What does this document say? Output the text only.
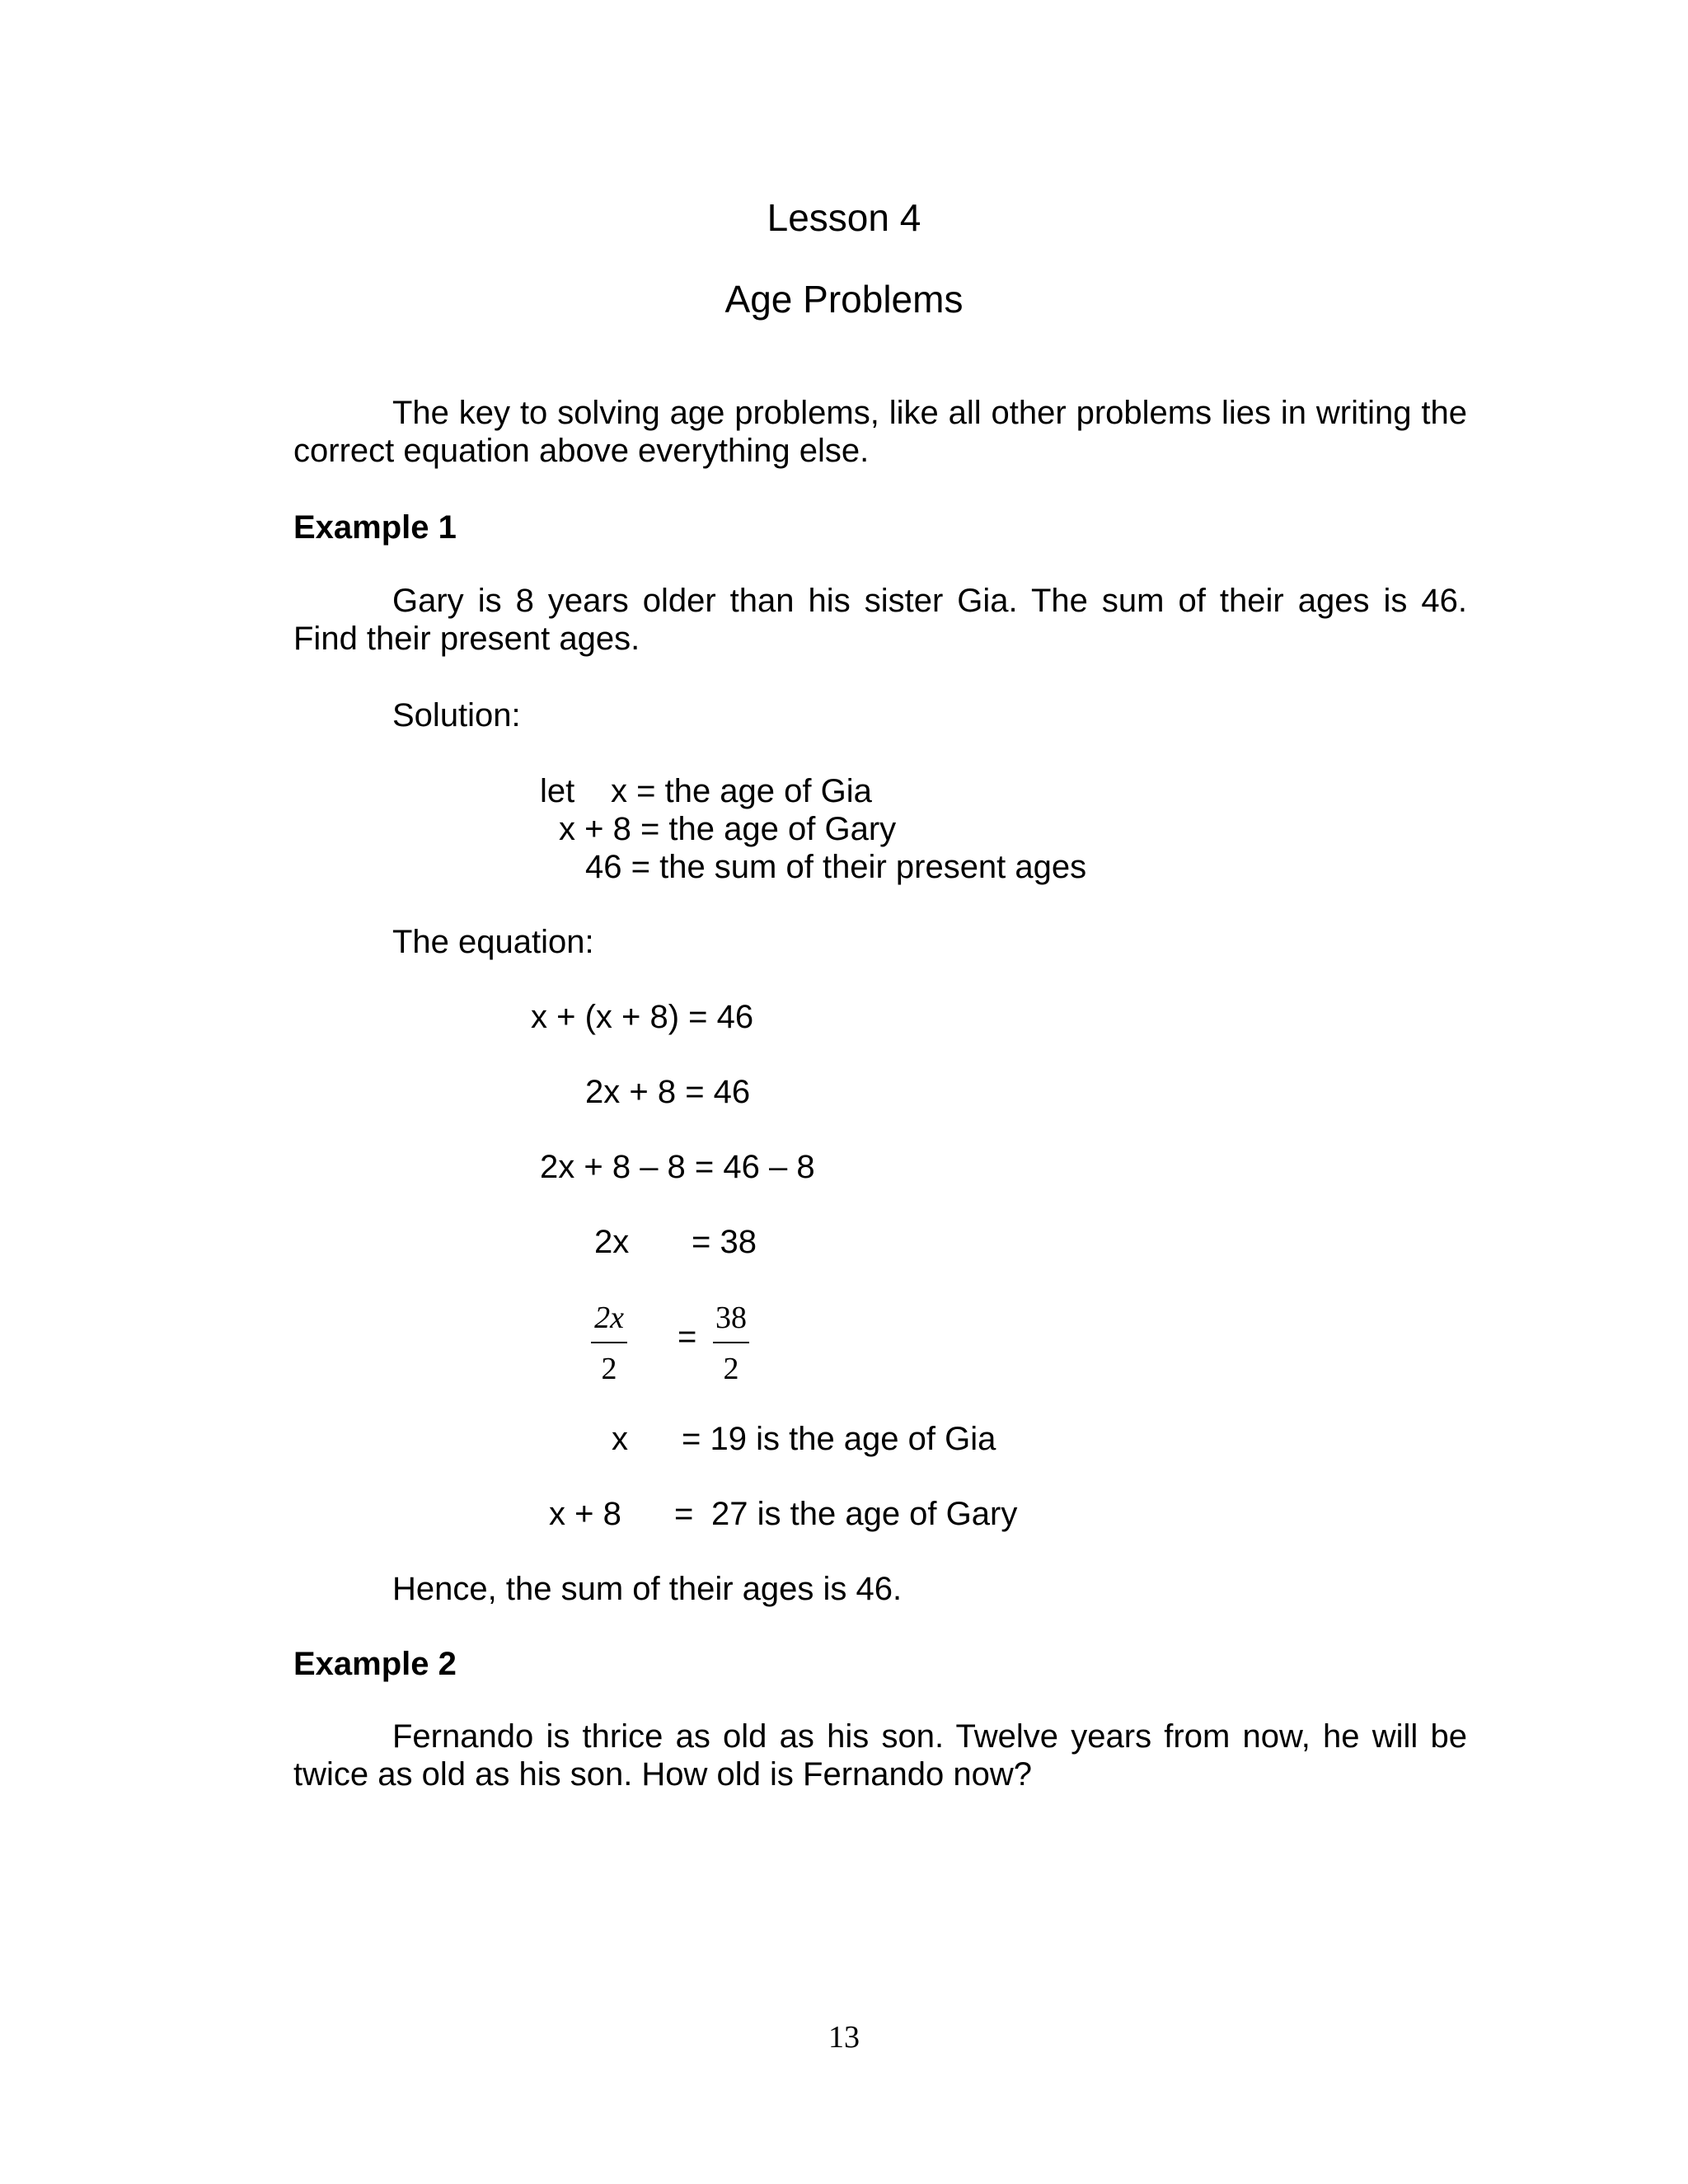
Lesson 4
Age Problems
The key to solving age problems, like all other problems lies in writing the correct equation above everything else.
Example 1
Gary is 8 years older than his sister Gia. The sum of their ages is 46. Find their present ages.
Solution:
let x = the age of Gia
x + 8 = the age of Gary
46 = the sum of their present ages
The equation:
x + (x + 8) = 46
2x + 8 = 46
2x + 8 – 8 = 46 – 8
2x = 38
2x
2
=
38
2
x = 19 is the age of Gia
x + 8 = 27 is the age of Gary
Hence, the sum of their ages is 46.
Example 2
Fernando is thrice as old as his son. Twelve years from now, he will be twice as old as his son. How old is Fernando now?
13
